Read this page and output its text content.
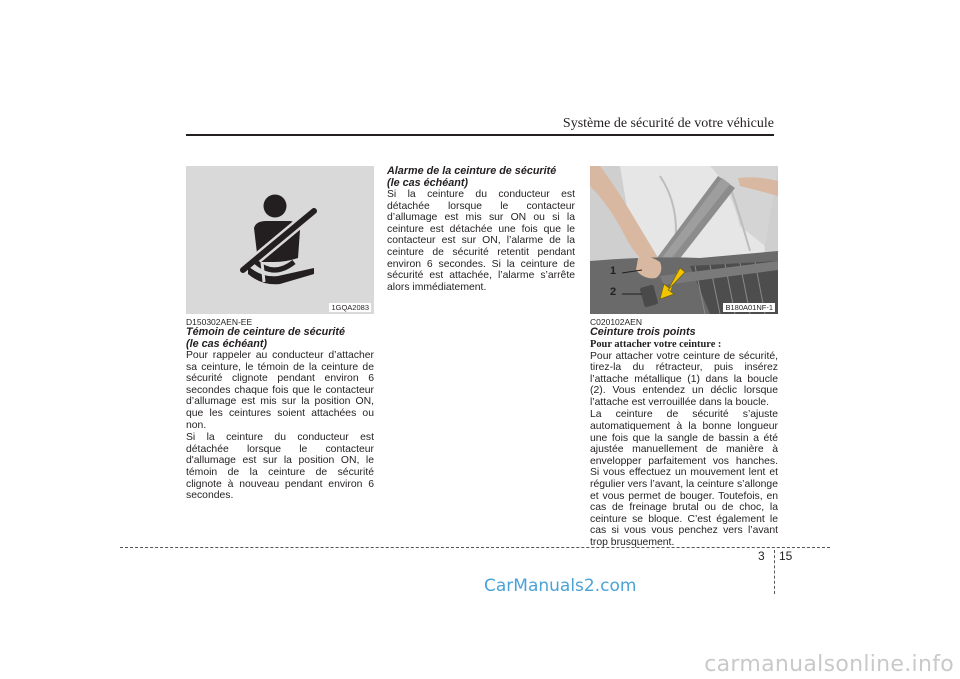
Système de sécurité de votre véhicule
1GQA2083
D150302AEN-EE
Témoin de ceinture de sécurité
(le cas échéant)

Pour rappeler au conducteur d’attacher sa ceinture, le témoin de la ceinture de sécurité clignote pendant environ 6 secondes chaque fois que le contacteur d’allumage est mis sur la position ON, que les ceintures soient attachées ou non.

Si la ceinture du conducteur est détachée lorsque le contacteur d'allumage est sur la position ON, le témoin de la ceinture de sécurité clignote à nouveau pendant environ 6 secondes.

Alarme de la ceinture de sécurité
(le cas échéant)

Si la ceinture du conducteur est détachée lorsque le contacteur d’allumage est mis sur ON ou si la ceinture est détachée une fois que le contacteur est sur ON, l’alarme de la ceinture de sécurité retentit pendant environ 6 secondes. Si la ceinture de sécurité est attachée, l’alarme s’arrête alors immédiatement.

1
2
B180A01NF-1
C020102AEN
Ceinture trois points
Pour attacher votre ceinture :

Pour attacher votre ceinture de sécurité, tirez-la du rétracteur, puis insérez l’attache métallique (1) dans la boucle (2). Vous entendez un déclic lorsque l’attache est verrouillée dans la boucle.

La ceinture de sécurité s’ajuste automatiquement à la bonne longueur une fois que la sangle de bassin a été ajustée manuellement de manière à envelopper parfaitement vos hanches. Si vous effectuez un mouvement lent et régulier vers l’avant, la ceinture s’allonge et vous permet de bouger. Toutefois, en cas de freinage brutal ou de choc, la ceinture se bloque. C’est également le cas si vous vous penchez vers l’avant trop brusquement.

3 15
CarManuals2.com
carmanualsonline.info
